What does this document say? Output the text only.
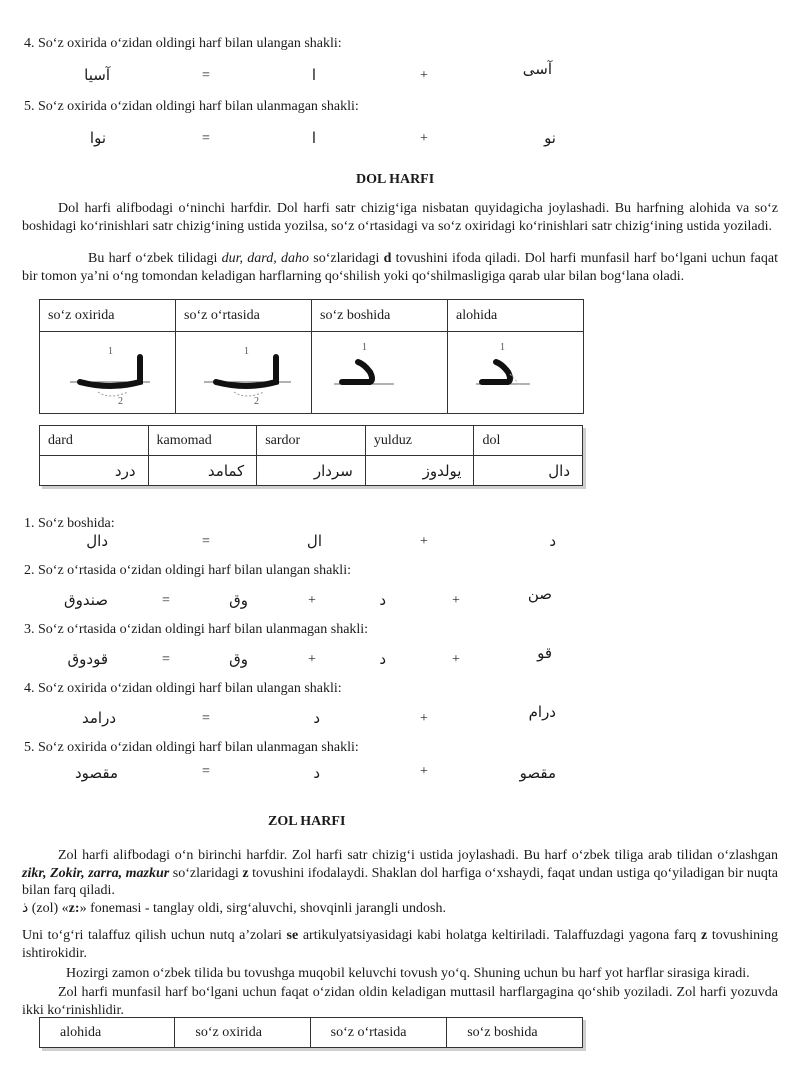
4. So‘z oxirida o‘zidan oldingi harf bilan ulangan shakli:
آسیا	=	ا	+	آسی
5. So‘z oxirida o‘zidan oldingi harf bilan ulanmagan shakli:
نوا	=	ا	+	نو
DOL HARFI
Dol harfi alifbodagi o‘ninchi harfdir. Dol harfi satr chizig‘iga nisbatan quyidagicha joylashadi. Bu harfning alohida va so‘z boshidagi ko‘rinishlari satr chizig‘ining ustida yozilsa, so‘z o‘rtasidagi va so‘z oxiridagi ko‘rinishlari satr chizig‘ining ustida yoziladi.
Bu harf o‘zbek tilidagi dur, dard, daho so‘zlaridagi d tovushini ifoda qiladi. Dol harfi munfasil harf bo‘lgani uchun faqat bir tomon ya’ni o‘ng tomondan keladigan harflarning qo‘shilish yoki qo‘shilmasligiga qarab ular bilan bog‘lana oladi.
so‘z oxirida	so‘z o‘rtasida	so‘z boshida	alohida

1
2	1
2	1	1
dard	kamomad	sardor	yulduz	dol
درد	کمامد	سردار	یولدوز	دال
1. So‘z boshida:
دال	=	ال	+	د
2. So‘z o‘rtasida o‘zidan oldingi harf bilan ulangan shakli:
صندوق	=	وق	+	د	+	صن
3. So‘z o‘rtasida o‘zidan oldingi harf bilan ulanmagan shakli:
قودوق	=	وق	+	د	+	قو
4. So‘z oxirida o‘zidan oldingi harf bilan ulangan shakli:
درامد	=	د	+	درام
5. So‘z oxirida o‘zidan oldingi harf bilan ulanmagan shakli:
مقصود	=	د	+	مقصو
ZOL HARFI
Zol harfi alifbodagi o‘n birinchi harfdir. Zol harfi satr chizig‘i ustida joylashadi. Bu harf o‘zbek tiliga arab tilidan o‘zlashgan zikr, Zokir, zarra, mazkur so‘zlaridagi z tovushini ifodalaydi. Shaklan dol harfiga o‘xshaydi, faqat undan ustiga qo‘yiladigan bir nuqta bilan farq qiladi.
ذ (zol) «z:» fonemasi - tanglay oldi, sirg‘aluvchi, shovqinli jarangli undosh.
Uni to‘g‘ri talaffuz qilish uchun nutq a’zolari se artikulyatsiyasidagi kabi holatga keltiriladi. Talaffuzdagi yagona farq z tovushining ishtirokidir.
Hozirgi zamon o‘zbek tilida bu tovushga muqobil keluvchi tovush yo‘q. Shuning uchun bu harf yot harflar sirasiga kiradi.
Zol harfi munfasil harf bo‘lgani uchun faqat o‘zidan oldin keladigan muttasil harflargagina qo‘shib yoziladi. Zol harfi yozuvda ikki ko‘rinishlidir.
alohida	so‘z oxirida	so‘z o‘rtasida	so‘z boshida
